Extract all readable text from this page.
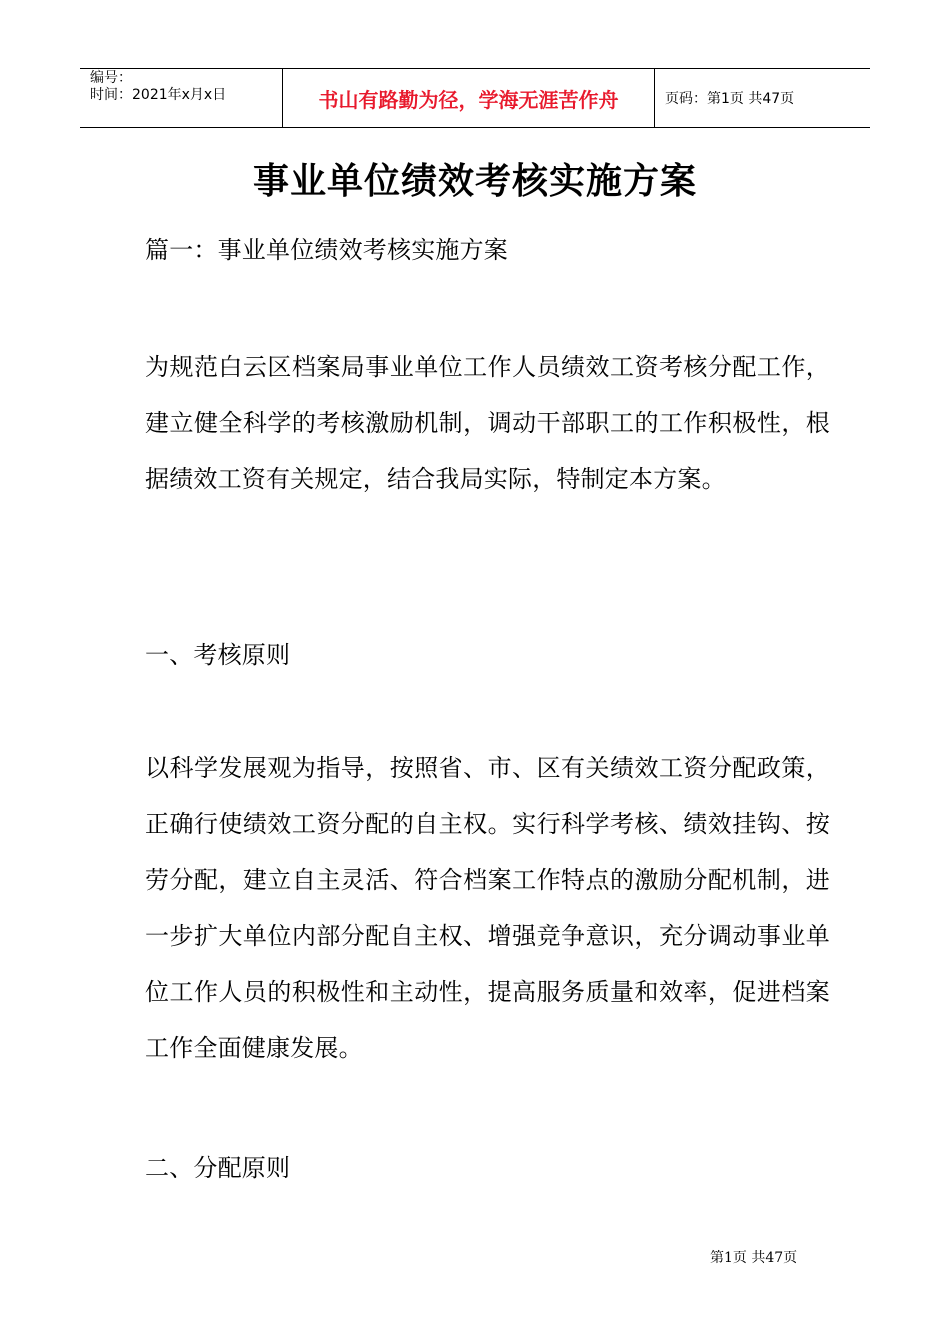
编号：
时间：2021年x月x日	书山有路勤为径，学海无涯苦作舟	页码：第1页 共47页
事业单位绩效考核实施方案
篇一：事业单位绩效考核实施方案
为规范白云区档案局事业单位工作人员绩效工资考核分配工作，建立健全科学的考核激励机制，调动干部职工的工作积极性，根据绩效工资有关规定，结合我局实际，特制定本方案。
一、考核原则
以科学发展观为指导，按照省、市、区有关绩效工资分配政策，正确行使绩效工资分配的自主权。实行科学考核、绩效挂钩、按劳分配，建立自主灵活、符合档案工作特点的激励分配机制，进一步扩大单位内部分配自主权、增强竞争意识，充分调动事业单位工作人员的积极性和主动性，提高服务质量和效率，促进档案工作全面健康发展。
二、分配原则
第1页 共47页
